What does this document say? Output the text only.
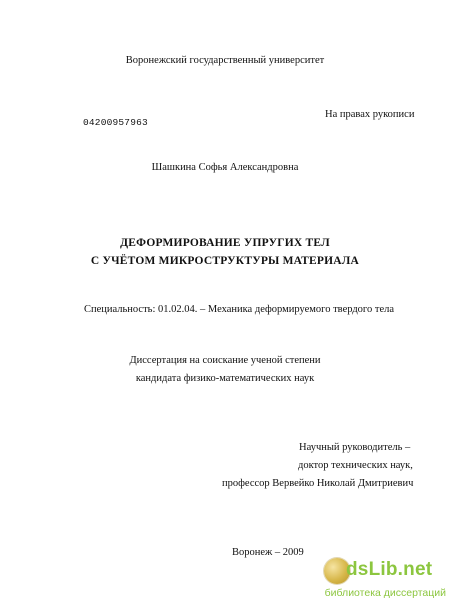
Воронежский государственный университет
04200957963
На правах рукописи
Шашкина Софья Александровна
ДЕФОРМИРОВАНИЕ УПРУГИХ ТЕЛ
С УЧЁТОМ МИКРОСТРУКТУРЫ МАТЕРИАЛА
Специальность: 01.02.04. – Механика деформируемого твердого тела
Диссертация на соискание ученой степени
кандидата физико-математических наук
Научный руководитель –
доктор технических наук,
профессор Вервейко Николай Дмитриевич
Воронеж – 2009
dsLib.net
библиотека диссертаций
